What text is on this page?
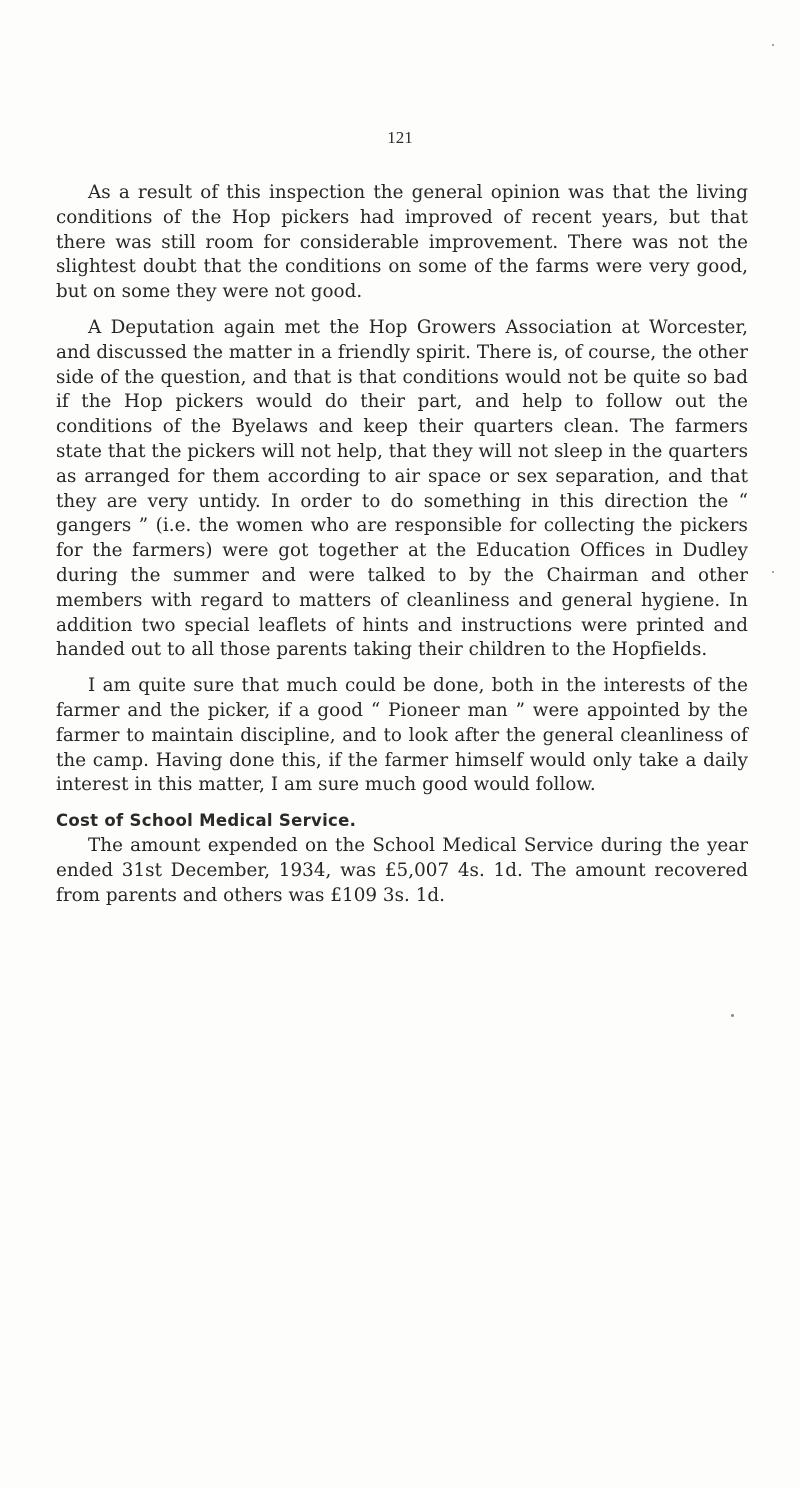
121

As a result of this inspection the general opinion was that the living conditions of the Hop pickers had improved of recent years, but that there was still room for considerable improvement. There was not the slightest doubt that the conditions on some of the farms were very good, but on some they were not good.

A Deputation again met the Hop Growers Association at Worcester, and discussed the matter in a friendly spirit. There is, of course, the other side of the question, and that is that conditions would not be quite so bad if the Hop pickers would do their part, and help to follow out the conditions of the Byelaws and keep their quarters clean. The farmers state that the pickers will not help, that they will not sleep in the quarters as arranged for them according to air space or sex separation, and that they are very untidy. In order to do something in this direction the “ gangers ” (i.e. the women who are responsible for collecting the pickers for the farmers) were got together at the Education Offices in Dudley during the summer and were talked to by the Chairman and other members with regard to matters of cleanliness and general hygiene. In addition two special leaflets of hints and instructions were printed and handed out to all those parents taking their children to the Hopfields.

I am quite sure that much could be done, both in the interests of the farmer and the picker, if a good “ Pioneer man ” were appointed by the farmer to maintain discipline, and to look after the general cleanliness of the camp. Having done this, if the farmer himself would only take a daily interest in this matter, I am sure much good would follow.

Cost of School Medical Service.

The amount expended on the School Medical Service during the year ended 31st December, 1934, was £5,007 4s. 1d. The amount recovered from parents and others was £109 3s. 1d.
